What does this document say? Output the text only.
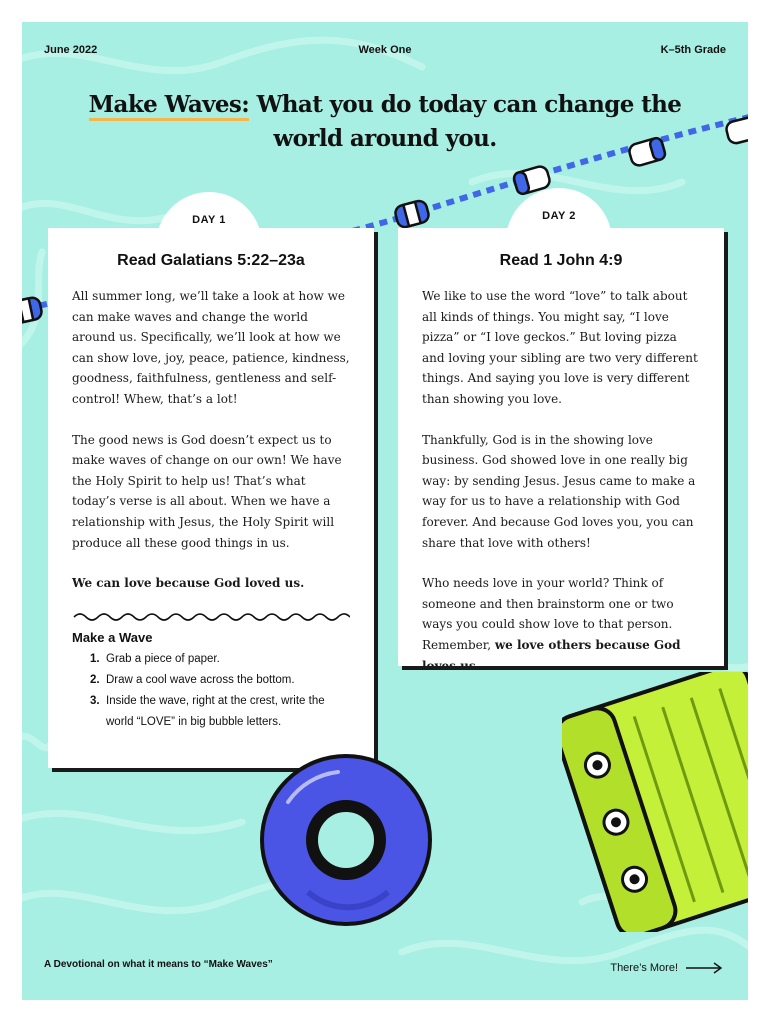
June 2022	Week One	K–5th Grade
Make Waves: What you do today can change the world around you.
DAY 1	DAY 2
Read Galatians 5:22–23a

All summer long, we’ll take a look at how we can make waves and change the world around us. Specifically, we’ll look at how we can show love, joy, peace, patience, kindness, goodness, faithfulness, gentleness and self-control! Whew, that’s a lot!

The good news is God doesn’t expect us to make waves of change on our own! We have the Holy Spirit to help us! That’s what today’s verse is all about. When we have a relationship with Jesus, the Holy Spirit will produce all these good things in us.

We can love because God loved us.

Make a Wave
1. Grab a piece of paper.
2. Draw a cool wave across the bottom.
3. Inside the wave, right at the crest, write the world “LOVE” in big bubble letters.
Read 1 John 4:9

We like to use the word “love” to talk about all kinds of things. You might say, “I love pizza” or “I love geckos.” But loving pizza and loving your sibling are two very different things. And saying you love is very different than showing you love.

Thankfully, God is in the showing love business. God showed love in one really big way: by sending Jesus. Jesus came to make a way for us to have a relationship with God forever. And because God loves you, you can share that love with others!

Who needs love in your world? Think of someone and then brainstorm one or two ways you could show love to that person. Remember, we love others because God loves us.

A Devotional on what it means to “Make Waves”	There’s More!
